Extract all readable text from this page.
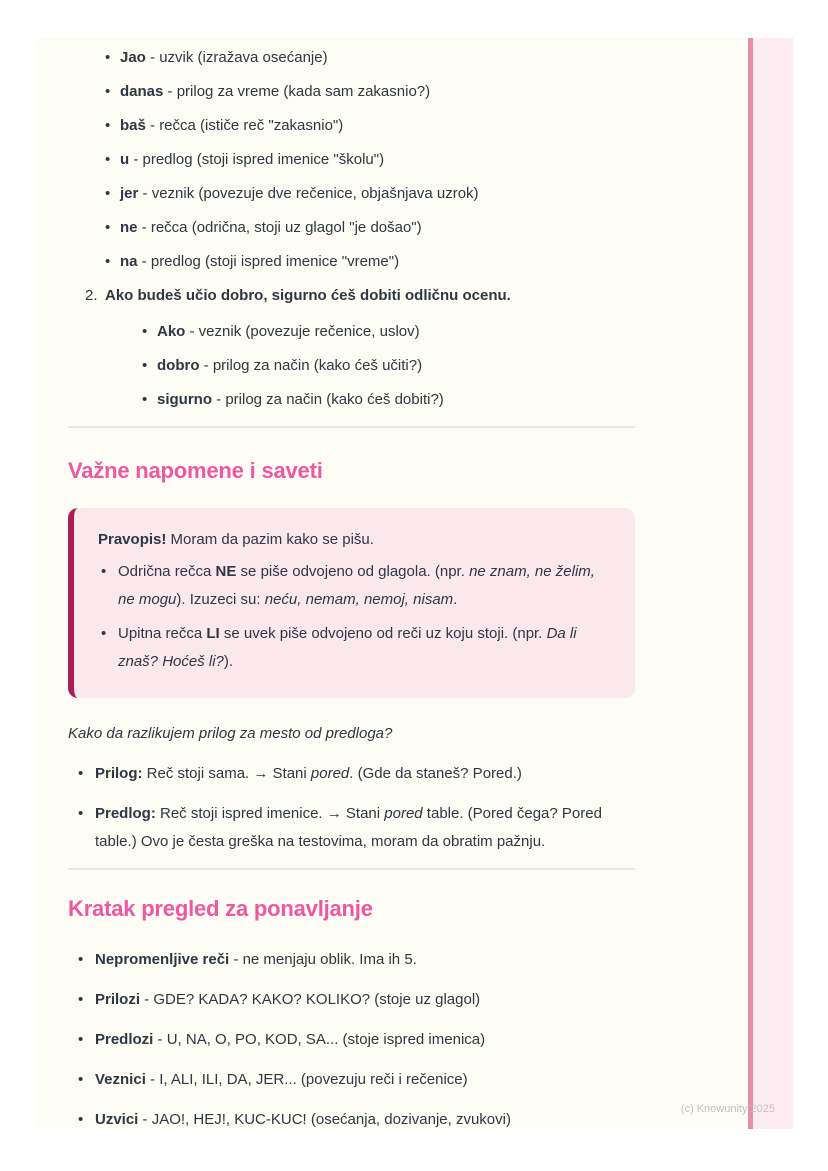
• Jao - uzvik (izražava osećanje)
• danas - prilog za vreme (kada sam zakasnio?)
• baš - rečca (ističe reč "zakasnio")
• u - predlog (stoji ispred imenice "školu")
• jer - veznik (povezuje dve rečenice, objašnjava uzrok)
• ne - rečca (odrična, stoji uz glagol "je došao")
• na - predlog (stoji ispred imenice "vreme")
2. Ako budeš učio dobro, sigurno ćeš dobiti odličnu ocenu.
• Ako - veznik (povezuje rečenice, uslov)
• dobro - prilog za način (kako ćeš učiti?)
• sigurno - prilog za način (kako ćeš dobiti?)
Važne napomene i saveti
Pravopis! Moram da pazim kako se pišu.
• Odrična rečca NE se piše odvojeno od glagola. (npr. ne znam, ne želim, ne mogu). Izuzeci su: neću, nemam, nemoj, nisam.
• Upitna rečca LI se uvek piše odvojeno od reči uz koju stoji. (npr. Da li znaš? Hoćeš li?).

Kako da razlikujem prilog za mesto od predloga?

• Prilog: Reč stoji sama. → Stani pored. (Gde da staneš? Pored.)
• Predlog: Reč stoji ispred imenice. → Stani pored table. (Pored čega? Pored table.) Ovo je česta greška na testovima, moram da obratim pažnju.
Kratak pregled za ponavljanje
• Nepromenljive reči - ne menjaju oblik. Ima ih 5.
• Prilozi - GDE? KADA? KAKO? KOLIKO? (stoje uz glagol)
• Predlozi - U, NA, O, PO, KOD, SA... (stoje ispred imenica)
• Veznici - I, ALI, ILI, DA, JER... (povezuju reči i rečenice)
• Uzvici - JAO!, HEJ!, KUC-KUC! (osećanja, dozivanje, zvukovi)
(c) Knowunity 2025
